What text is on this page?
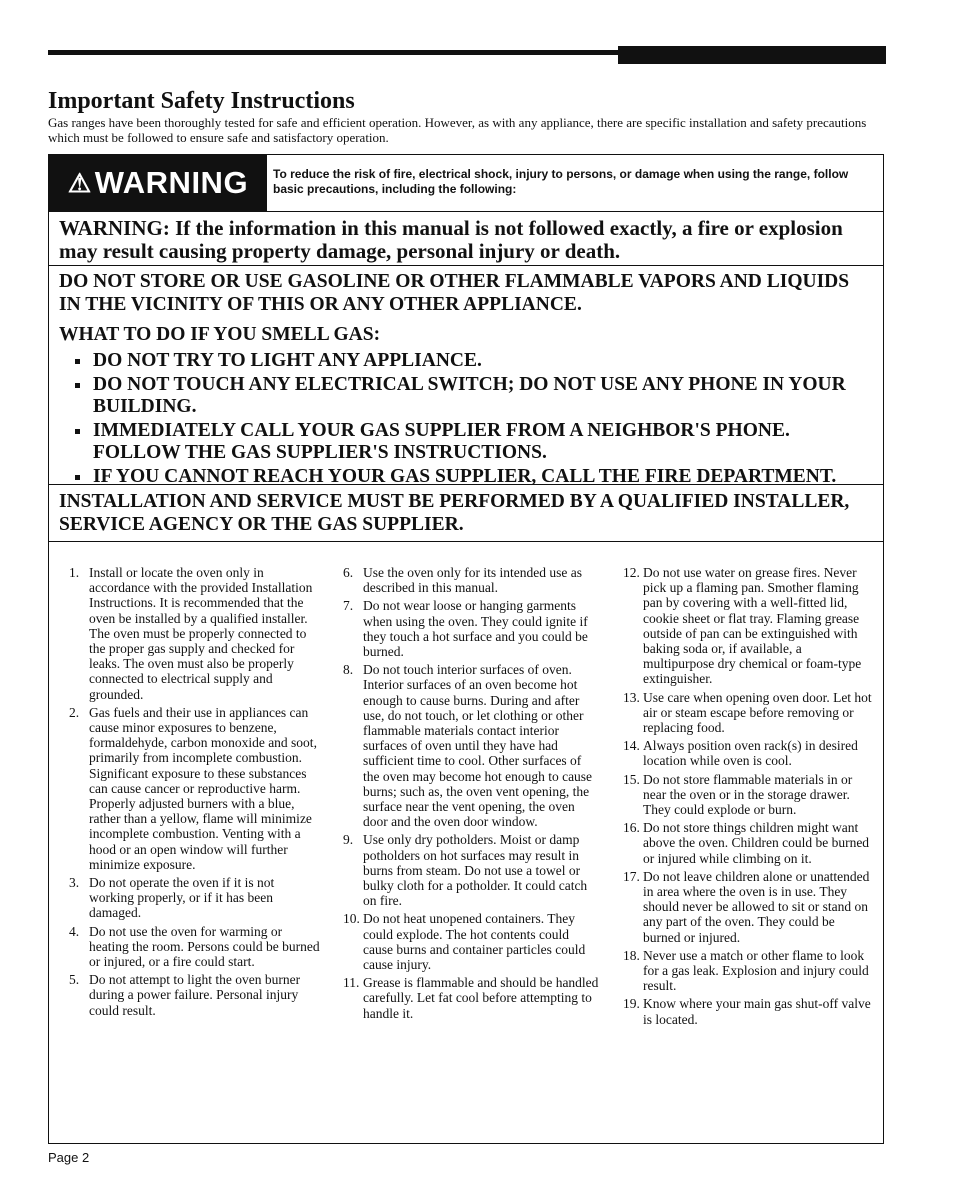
Important Safety Instructions
Gas ranges have been thoroughly tested for safe and efficient operation. However, as with any appliance, there are specific installation and safety precautions which must be followed to ensure safe and satisfactory operation.
⚠ WARNING To reduce the risk of fire, electrical shock, injury to persons, or damage when using the range, follow basic precautions, including the following:
WARNING: If the information in this manual is not followed exactly, a fire or explosion may result causing property damage, personal injury or death.
DO NOT STORE OR USE GASOLINE OR OTHER FLAMMABLE VAPORS AND LIQUIDS IN THE VICINITY OF THIS OR ANY OTHER APPLIANCE.
WHAT TO DO IF YOU SMELL GAS:
DO NOT TRY TO LIGHT ANY APPLIANCE.
DO NOT TOUCH ANY ELECTRICAL SWITCH; DO NOT USE ANY PHONE IN YOUR BUILDING.
IMMEDIATELY CALL YOUR GAS SUPPLIER FROM A NEIGHBOR'S PHONE. FOLLOW THE GAS SUPPLIER'S INSTRUCTIONS.
IF YOU CANNOT REACH YOUR GAS SUPPLIER, CALL THE FIRE DEPARTMENT.
INSTALLATION AND SERVICE MUST BE PERFORMED BY A QUALIFIED INSTALLER, SERVICE AGENCY OR THE GAS SUPPLIER.
1. Install or locate the oven only in accordance with the provided Installation Instructions. It is recommended that the oven be installed by a qualified installer. The oven must be properly connected to the proper gas supply and checked for leaks. The oven must also be properly connected to electrical supply and grounded.
2. Gas fuels and their use in appliances can cause minor exposures to benzene, formaldehyde, carbon monoxide and soot, primarily from incomplete combustion. Significant exposure to these substances can cause cancer or reproductive harm. Properly adjusted burners with a blue, rather than a yellow, flame will minimize incomplete combustion. Venting with a hood or an open window will further minimize exposure.
3. Do not operate the oven if it is not working properly, or if it has been damaged.
4. Do not use the oven for warming or heating the room. Persons could be burned or injured, or a fire could start.
5. Do not attempt to light the oven burner during a power failure. Personal injury could result.
6. Use the oven only for its intended use as described in this manual.
7. Do not wear loose or hanging garments when using the oven. They could ignite if they touch a hot surface and you could be burned.
8. Do not touch interior surfaces of oven. Interior surfaces of an oven become hot enough to cause burns. During and after use, do not touch, or let clothing or other flammable materials contact interior surfaces of oven until they have had sufficient time to cool. Other surfaces of the oven may become hot enough to cause burns; such as, the oven vent opening, the surface near the vent opening, the oven door and the oven door window.
9. Use only dry potholders. Moist or damp potholders on hot surfaces may result in burns from steam. Do not use a towel or bulky cloth for a potholder. It could catch on fire.
10. Do not heat unopened containers. They could explode. The hot contents could cause burns and container particles could cause injury.
11. Grease is flammable and should be handled carefully. Let fat cool before attempting to handle it.
12. Do not use water on grease fires. Never pick up a flaming pan. Smother flaming pan by covering with a well-fitted lid, cookie sheet or flat tray. Flaming grease outside of pan can be extinguished with baking soda or, if available, a multipurpose dry chemical or foam-type extinguisher.
13. Use care when opening oven door. Let hot air or steam escape before removing or replacing food.
14. Always position oven rack(s) in desired location while oven is cool.
15. Do not store flammable materials in or near the oven or in the storage drawer. They could explode or burn.
16. Do not store things children might want above the oven. Children could be burned or injured while climbing on it.
17. Do not leave children alone or unattended in area where the oven is in use. They should never be allowed to sit or stand on any part of the oven. They could be burned or injured.
18. Never use a match or other flame to look for a gas leak. Explosion and injury could result.
19. Know where your main gas shut-off valve is located.
Page 2
